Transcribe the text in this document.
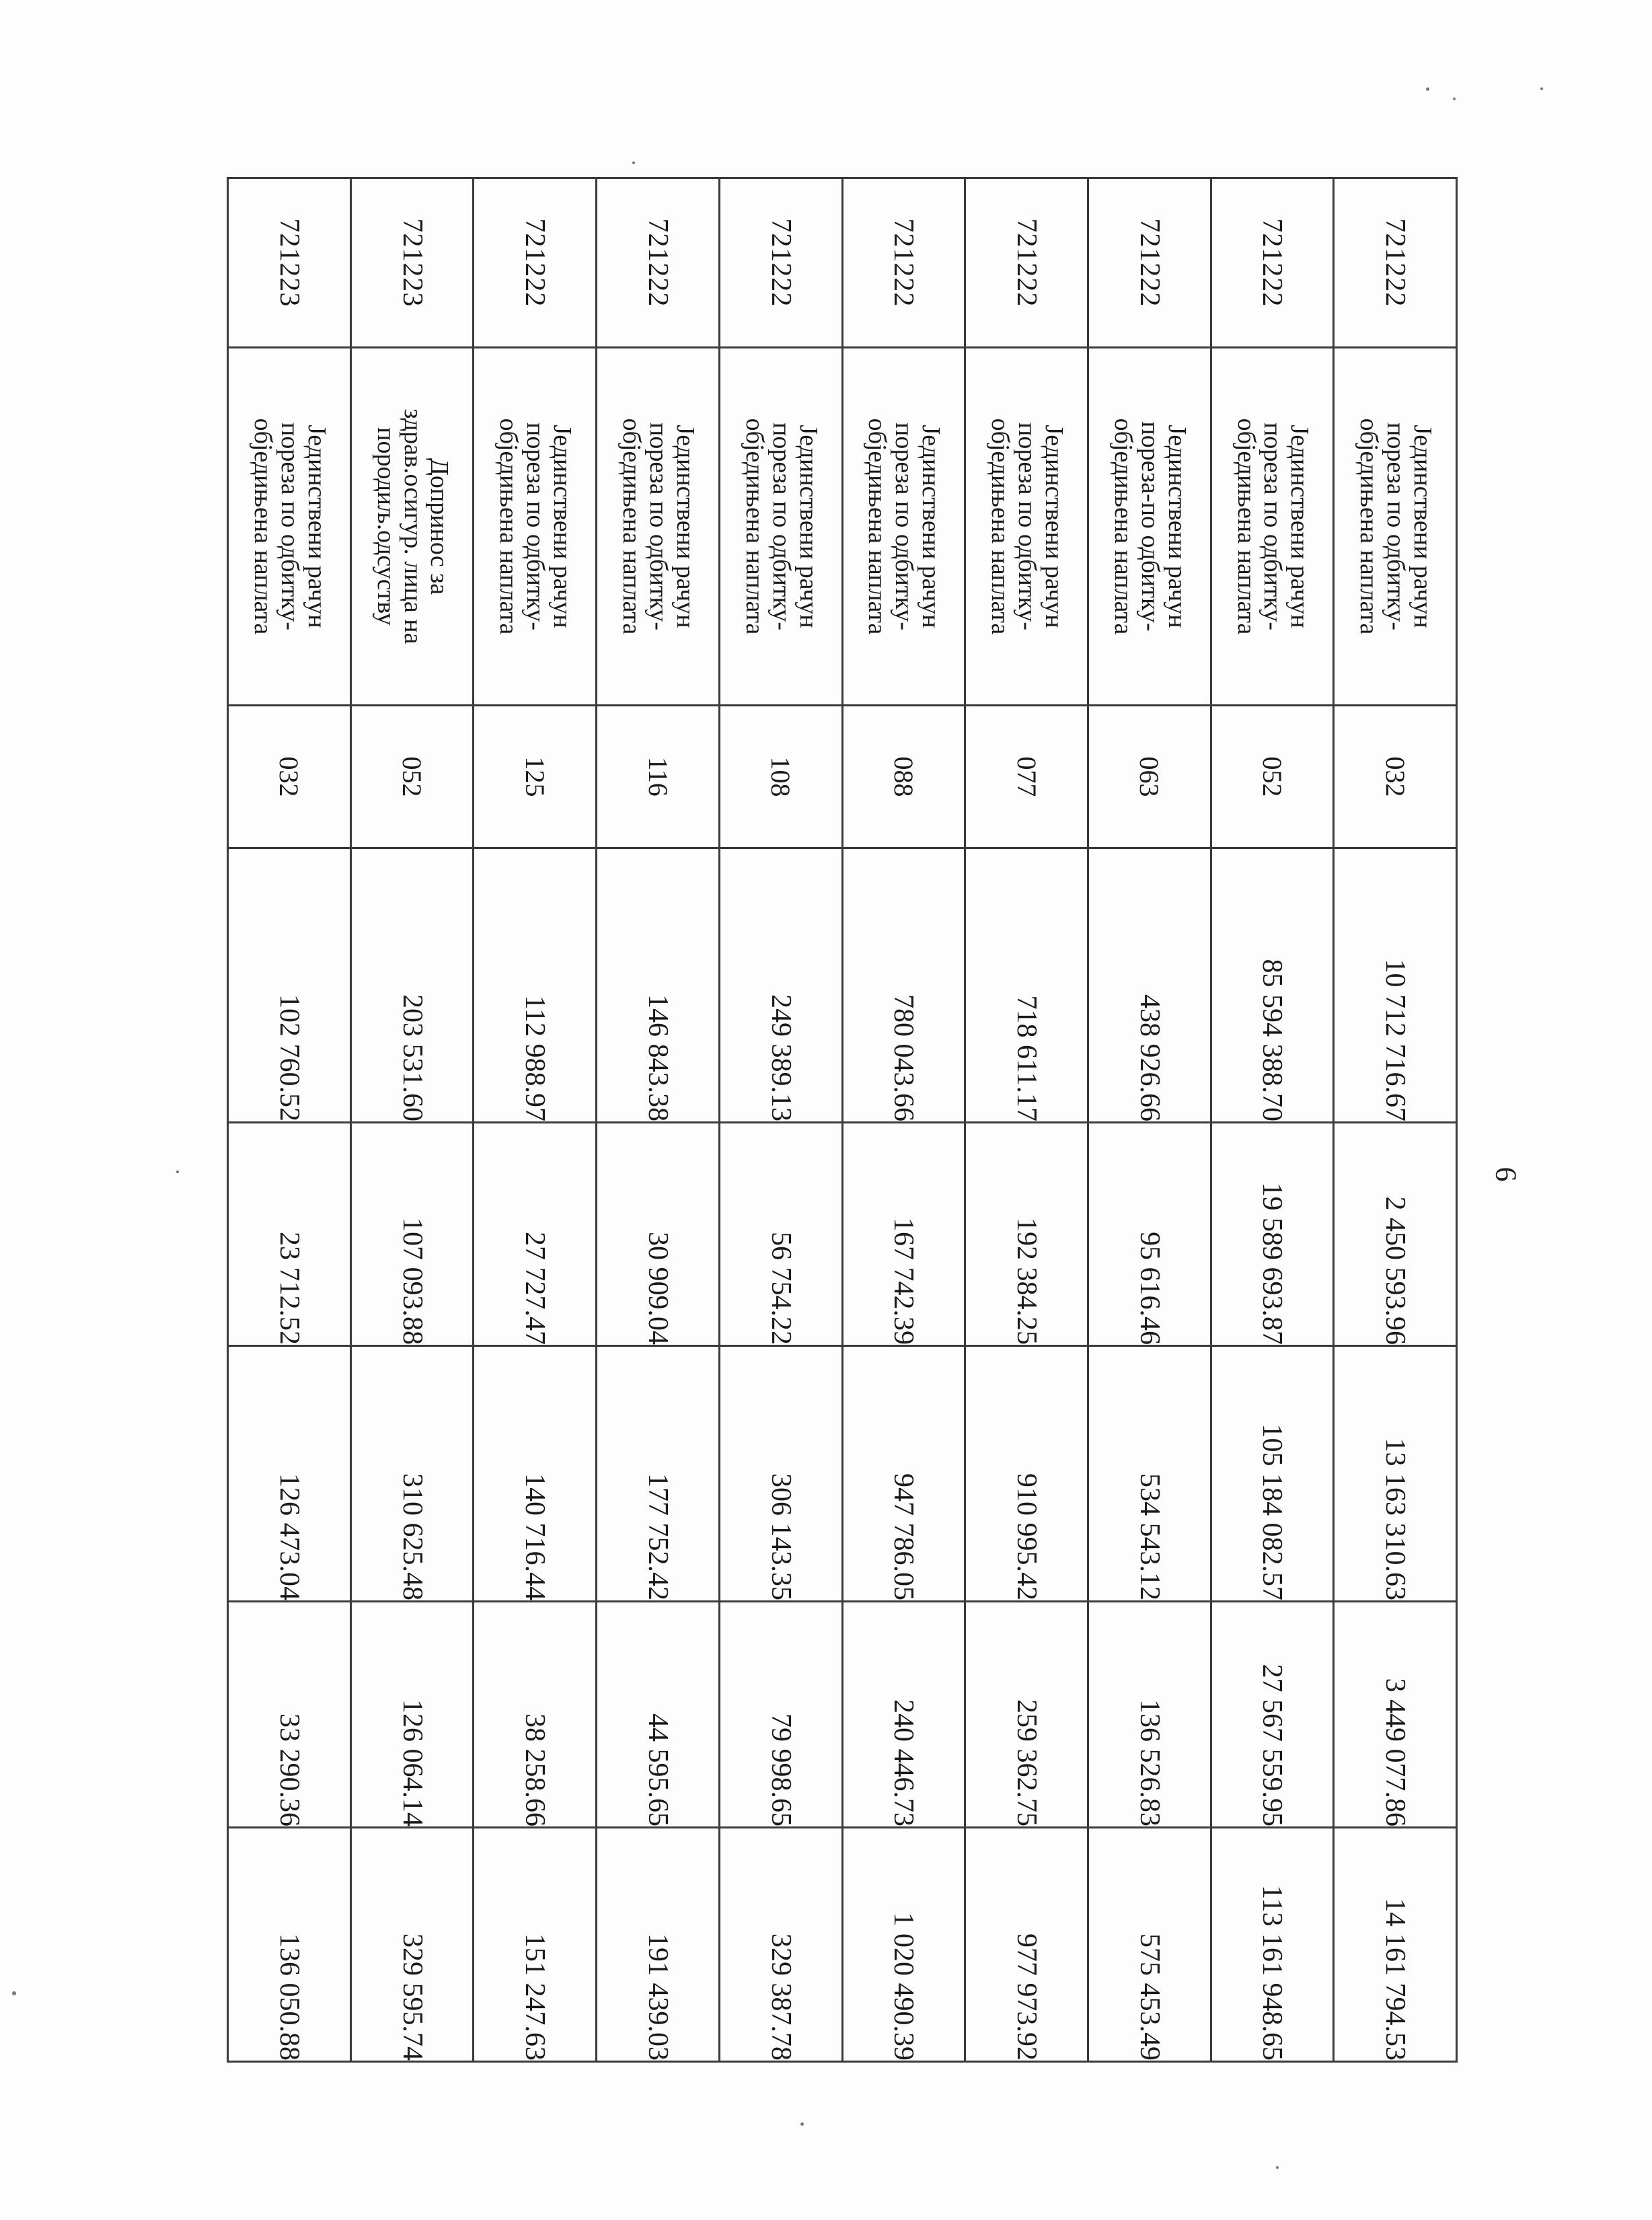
6
721222	Јединствени рачун
пореза по одбитку-
обједињена наплата	032	10 712 716.67	2 450 593.96	13 163 310.63	3 449 077.86	14 161 794.53
721222	Јединствени рачун
пореза по одбитку-
обједињена наплата	052	85 594 388.70	19 589 693.87	105 184 082.57	27 567 559.95	113 161 948.65
721222	Јединствени рачун
пореза-по одбитку-
обједињена наплата	063	438 926.66	95 616.46	534 543.12	136 526.83	575 453.49
721222	Јединствени рачун
пореза по одбитку-
обједињена наплата	077	718 611.17	192 384.25	910 995.42	259 362.75	977 973.92
721222	Јединствени рачун
пореза по одбитку-
обједињена наплата	088	780 043.66	167 742.39	947 786.05	240 446.73	1 020 490.39
721222	Јединствени рачун
пореза по одбитку-
обједињена наплата	108	249 389.13	56 754.22	306 143.35	79 998.65	329 387.78
721222	Јединствени рачун
пореза по одбитку-
обједињена наплата	116	146 843.38	30 909.04	177 752.42	44 595.65	191 439.03
721222	Јединствени рачун
пореза по одбитку-
обједињена наплата	125	112 988.97	27 727.47	140 716.44	38 258.66	151 247.63
721223	Допринос за
здрав.осигур. лица на
породиљ.одсуству	052	203 531.60	107 093.88	310 625.48	126 064.14	329 595.74
721223	Јединствени рачун
пореза по одбитку-
обједињена наплата	032	102 760.52	23 712.52	126 473.04	33 290.36	136 050.88
